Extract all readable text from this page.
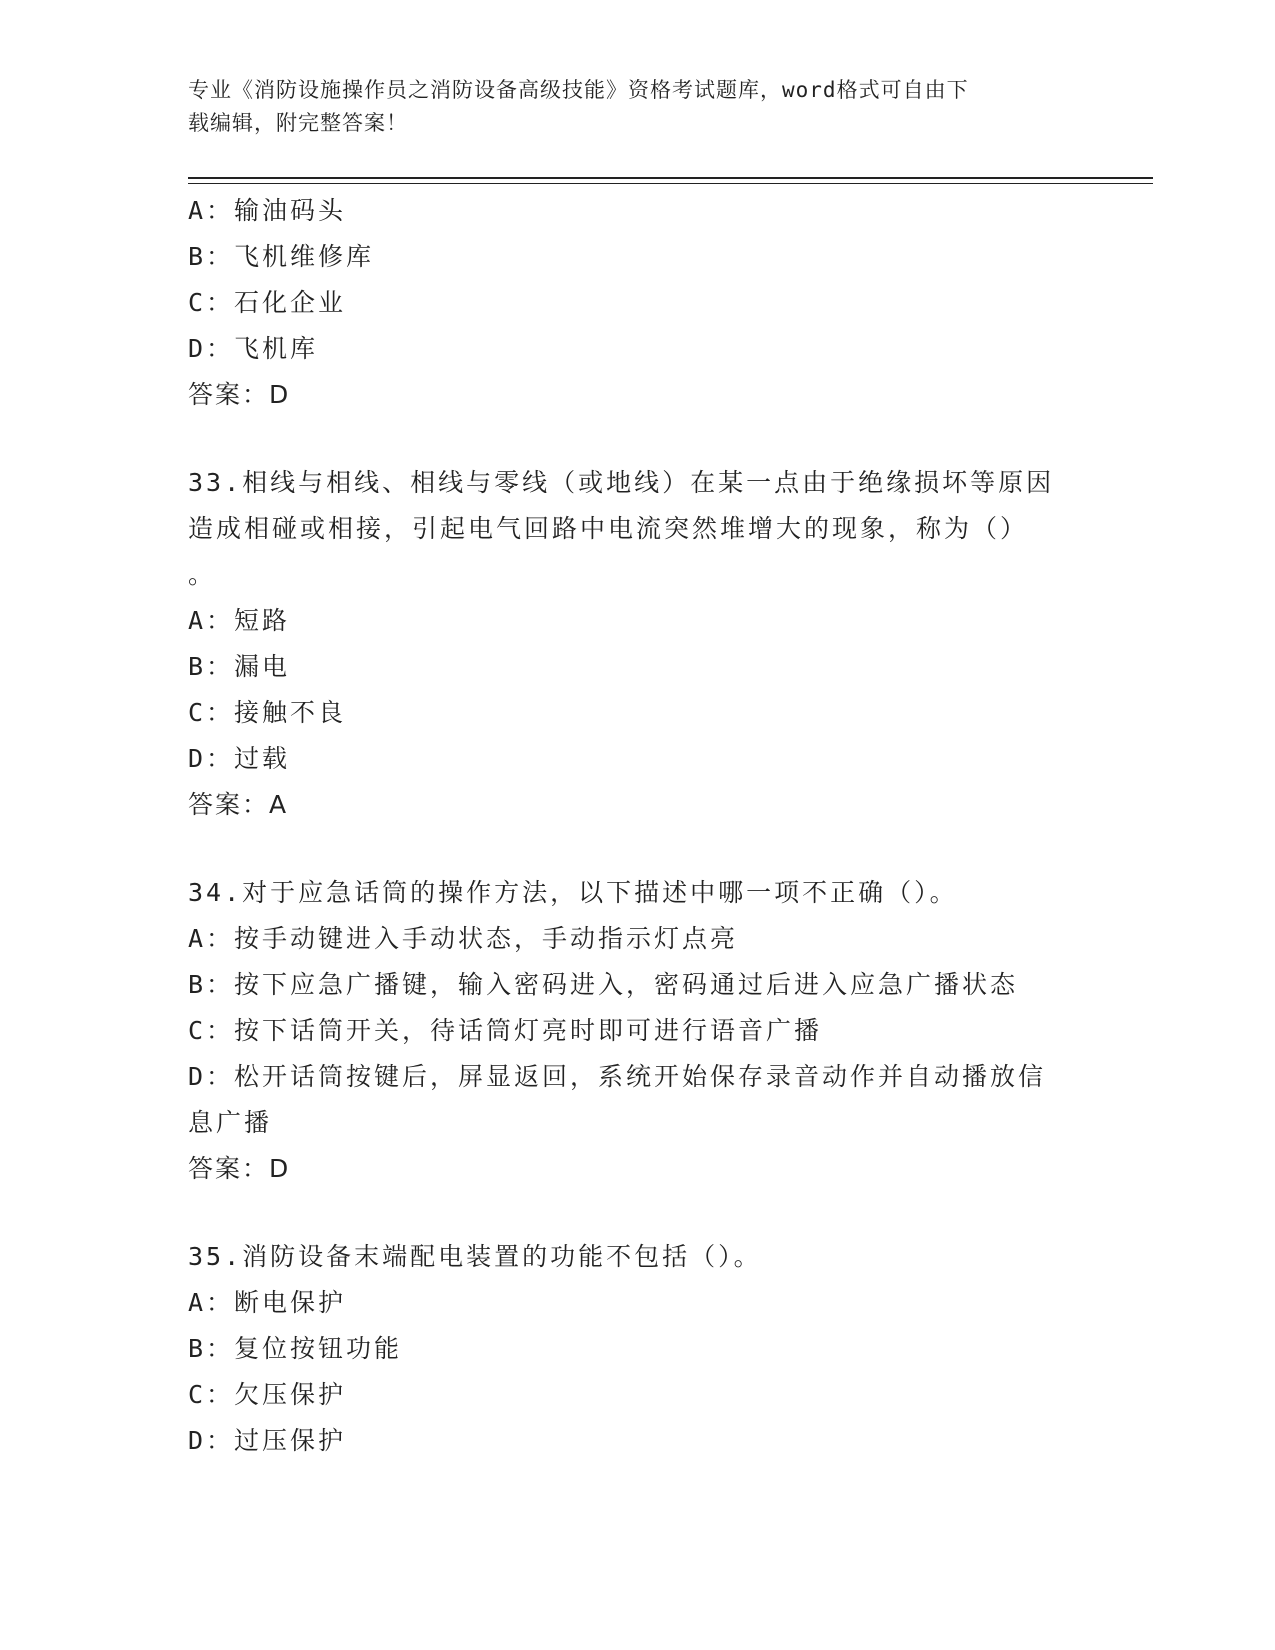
专业《消防设施操作员之消防设备高级技能》资格考试题库，word格式可自由下
载编辑，附完整答案！
A：输油码头
B：飞机维修库
C：石化企业
D：飞机库
答案：D
33.相线与相线、相线与零线（或地线）在某一点由于绝缘损坏等原因
造成相碰或相接，引起电气回路中电流突然堆增大的现象，称为（）
。
A：短路
B：漏电
C：接触不良
D：过载
答案：A
34.对于应急话筒的操作方法，以下描述中哪一项不正确（）。
A：按手动键进入手动状态，手动指示灯点亮
B：按下应急广播键，输入密码进入，密码通过后进入应急广播状态
C：按下话筒开关，待话筒灯亮时即可进行语音广播
D：松开话筒按键后，屏显返回，系统开始保存录音动作并自动播放信
息广播
答案：D
35.消防设备末端配电装置的功能不包括（）。
A：断电保护
B：复位按钮功能
C：欠压保护
D：过压保护
